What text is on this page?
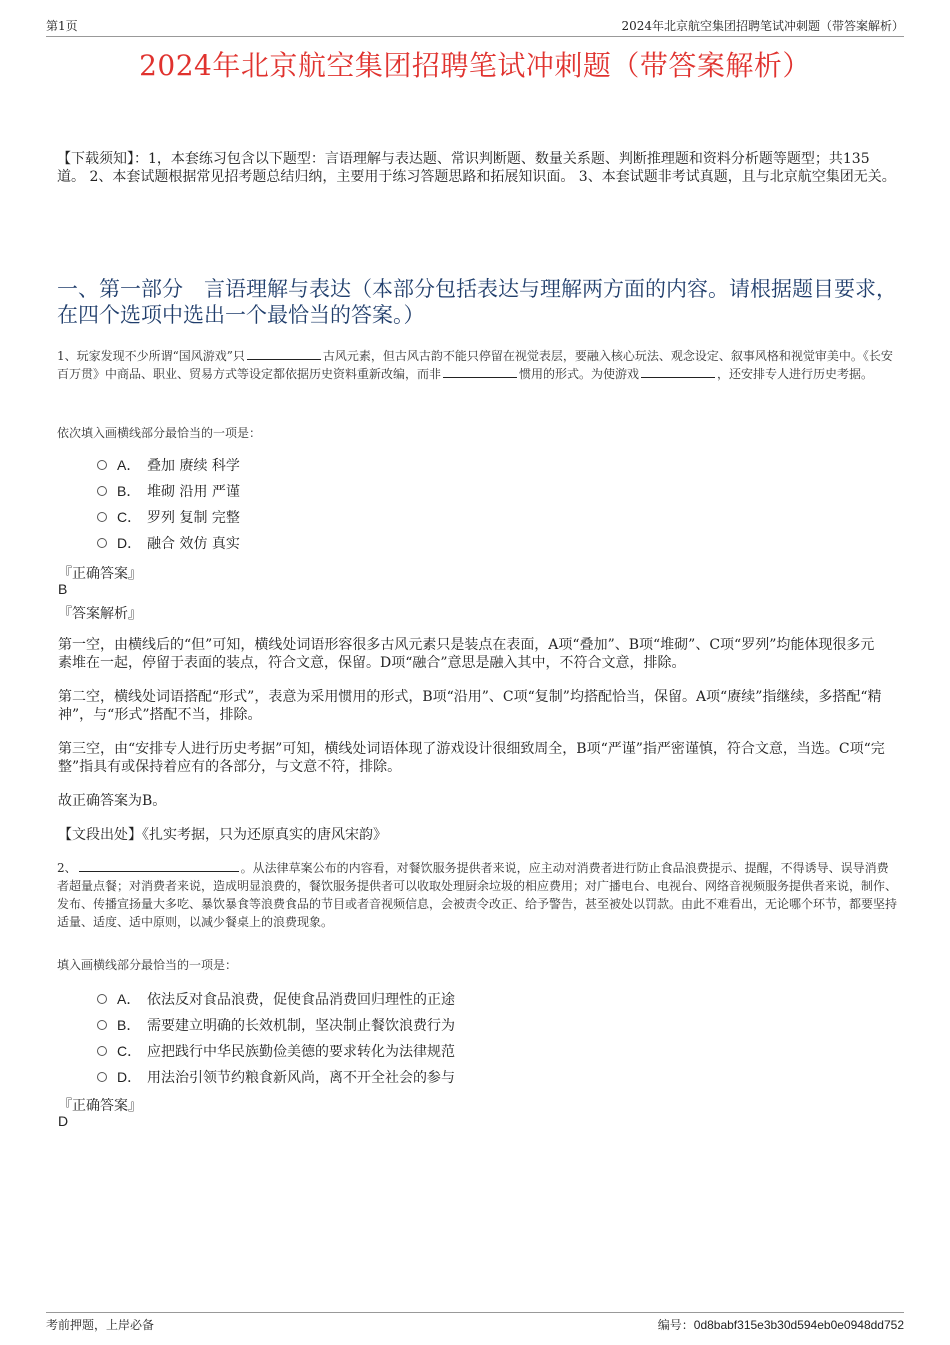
第1页	2024年北京航空集团招聘笔试冲刺题（带答案解析）
2024年北京航空集团招聘笔试冲刺题（带答案解析）
【下载须知】：1，本套练习包含以下题型：言语理解与表达题、常识判断题、数量关系题、判断推理题和资料分析题等题型；共135道。 2、本套试题根据常见招考题总结归纳，主要用于练习答题思路和拓展知识面。 3、本套试题非考试真题，且与北京航空集团无关。
一、第一部分　言语理解与表达（本部分包括表达与理解两方面的内容。请根据题目要求，在四个选项中选出一个最恰当的答案。）
1、玩家发现不少所谓“国风游戏”只	古风元素，但古风古韵不能只停留在视觉表层，要融入核心玩法、观念设定、叙事风格和视觉审美中。《长安百万贯》中商品、职业、贸易方式等设定都依据历史资料重新改编，而非	惯用的形式。为使游戏	，还安排专人进行历史考据。
依次填入画横线部分最恰当的一项是：
A． 叠加 赓续 科学
B． 堆砌 沿用 严谨
C． 罗列 复制 完整
D． 融合 效仿 真实
『正确答案』
B
『答案解析』
第一空，由横线后的“但”可知，横线处词语形容很多古风元素只是装点在表面，A项“叠加”、B项“堆砌”、C项“罗列”均能体现很多元素堆在一起，停留于表面的装点，符合文意，保留。D项“融合”意思是融入其中，不符合文意，排除。
第二空，横线处词语搭配“形式”，表意为采用惯用的形式，B项“沿用”、C项“复制”均搭配恰当，保留。A项“赓续”指继续，多搭配“精神”，与“形式”搭配不当，排除。
第三空，由“安排专人进行历史考据”可知，横线处词语体现了游戏设计很细致周全，B项“严谨”指严密谨慎，符合文意，当选。C项“完整”指具有或保持着应有的各部分，与文意不符，排除。
故正确答案为B。
【文段出处】《扎实考据，只为还原真实的唐风宋韵》
2、	。从法律草案公布的内容看，对餐饮服务提供者来说，应主动对消费者进行防止食品浪费提示、提醒，不得诱导、误导消费者超量点餐；对消费者来说，造成明显浪费的，餐饮服务提供者可以收取处理厨余垃圾的相应费用；对广播电台、电视台、网络音视频服务提供者来说，制作、发布、传播宣扬量大多吃、暴饮暴食等浪费食品的节目或者音视频信息，会被责令改正、给予警告，甚至被处以罚款。由此不难看出，无论哪个环节，都要坚持适量、适度、适中原则，以减少餐桌上的浪费现象。
填入画横线部分最恰当的一项是：
A． 依法反对食品浪费，促使食品消费回归理性的正途
B． 需要建立明确的长效机制，坚决制止餐饮浪费行为
C． 应把践行中华民族勤俭美德的要求转化为法律规范
D． 用法治引领节约粮食新风尚，离不开全社会的参与
『正确答案』
D
考前押题，上岸必备	编号：0d8babf315e3b30d594eb0e0948dd752
